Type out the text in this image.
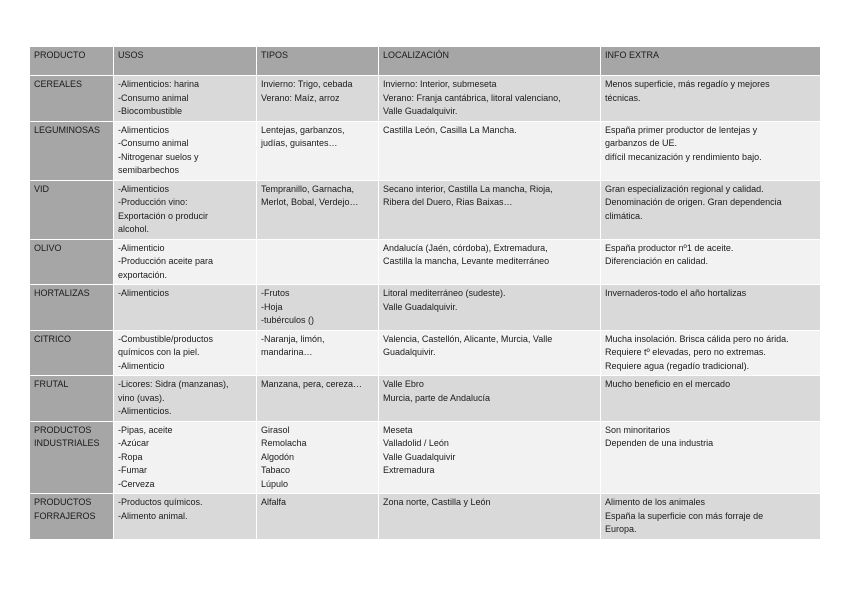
PRODUCTO	USOS	TIPOS	LOCALIZACIÓN	INFO EXTRA
CEREALES	-Alimenticios: harina
-Consumo animal
-Biocombustible	Invierno: Trigo, cebada
Verano: Maíz, arroz	Invierno: Interior, submeseta
Verano: Franja cantábrica, litoral valenciano,
Valle Guadalquivir.	Menos superficie, más regadío y mejores
técnicas.

LEGUMINOSAS	-Alimenticios
-Consumo animal
-Nitrogenar suelos y
semibarbechos	Lentejas, garbanzos,
judías, guisantes…	Castilla León, Casilla La Mancha.	España primer productor de lentejas y
garbanzos de UE.
difícil mecanización y rendimiento bajo.

VID	-Alimenticios
-Producción vino:
Exportación o producir
alcohol.	Tempranillo, Garnacha,
Merlot, Bobal, Verdejo…	Secano interior, Castilla La mancha, Rioja,
Ribera del Duero, Rias Baixas…	Gran especialización regional y calidad.
Denominación de origen. Gran dependencia
climática.

OLIVO	-Alimenticio
-Producción aceite para
exportación.		Andalucía (Jaén, córdoba), Extremadura,
Castilla la mancha, Levante mediterráneo	España productor nº1 de aceite.
Diferenciación en calidad.

HORTALIZAS	-Alimenticios	-Frutos
-Hoja
-tubérculos ()	Litoral mediterráneo (sudeste).
Valle Guadalquivir.	Invernaderos-todo el año hortalizas

CITRICO	-Combustible/productos
químicos con la piel.
-Alimenticio	-Naranja, limón,
mandarina…	Valencia, Castellón, Alicante, Murcia, Valle
Guadalquivir.	Mucha insolación. Brisca cálida pero no árida.
Requiere tº elevadas, pero no extremas.
Requiere agua (regadío tradicional).

FRUTAL	-Licores: Sidra (manzanas),
vino (uvas).
-Alimenticios.	Manzana, pera, cereza…	Valle Ebro
Murcia, parte de Andalucía	Mucho beneficio en el mercado

PRODUCTOS INDUSTRIALES	-Pipas, aceite
-Azúcar
-Ropa
-Fumar
-Cerveza	Girasol
Remolacha
Algodón
Tabaco
Lúpulo	Meseta
Valladolid / León
Valle Guadalquivir
Extremadura	Son minoritarios
Dependen de una industria

PRODUCTOS FORRAJEROS	-Productos químicos.
-Alimento animal.	Alfalfa	Zona norte, Castilla y León	Alimento de los animales
España la superficie con más forraje de
Europa.
